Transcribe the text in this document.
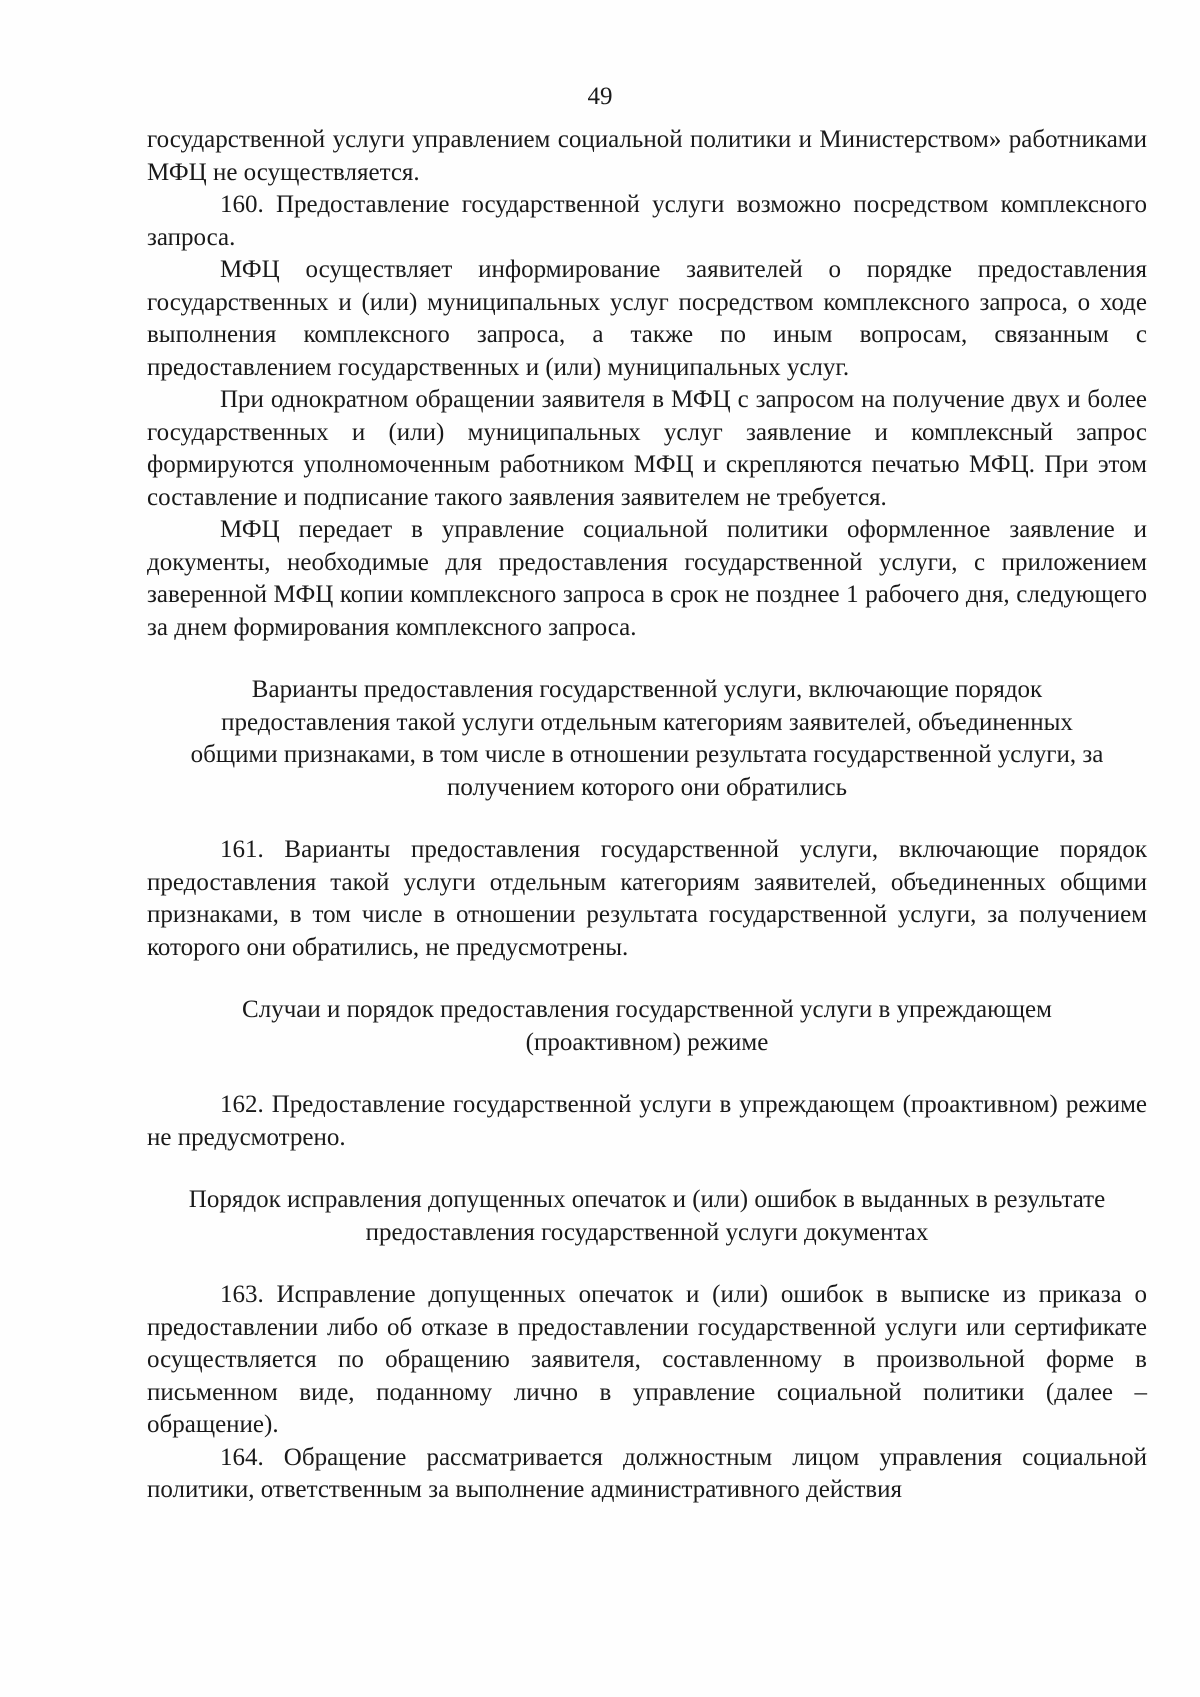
49

государственной услуги управлением социальной политики и Министерством» работниками МФЦ не осуществляется.

160. Предоставление государственной услуги возможно посредством комплексного запроса.

МФЦ осуществляет информирование заявителей о порядке предоставления государственных и (или) муниципальных услуг посредством комплексного запроса, о ходе выполнения комплексного запроса, а также по иным вопросам, связанным с предоставлением государственных и (или) муниципальных услуг.

При однократном обращении заявителя в МФЦ с запросом на получение двух и более государственных и (или) муниципальных услуг заявление и комплексный запрос формируются уполномоченным работником МФЦ и скрепляются печатью МФЦ. При этом составление и подписание такого заявления заявителем не требуется.

МФЦ передает в управление социальной политики оформленное заявление и документы, необходимые для предоставления государственной услуги, с приложением заверенной МФЦ копии комплексного запроса в срок не позднее 1 рабочего дня, следующего за днем формирования комплексного запроса.

Варианты предоставления государственной услуги, включающие порядок предоставления такой услуги отдельным категориям заявителей, объединенных общими признаками, в том числе в отношении результата государственной услуги, за получением которого они обратились

161. Варианты предоставления государственной услуги, включающие порядок предоставления такой услуги отдельным категориям заявителей, объединенных общими признаками, в том числе в отношении результата государственной услуги, за получением которого они обратились, не предусмотрены.

Случаи и порядок предоставления государственной услуги в упреждающем (проактивном) режиме

162. Предоставление государственной услуги в упреждающем (проактивном) режиме не предусмотрено.

Порядок исправления допущенных опечаток и (или) ошибок в выданных в результате предоставления государственной услуги документах

163. Исправление допущенных опечаток и (или) ошибок в выписке из приказа о предоставлении либо об отказе в предоставлении государственной услуги или сертификате осуществляется по обращению заявителя, составленному в произвольной форме в письменном виде, поданному лично в управление социальной политики (далее – обращение).

164. Обращение рассматривается должностным лицом управления социальной политики, ответственным за выполнение административного действия
